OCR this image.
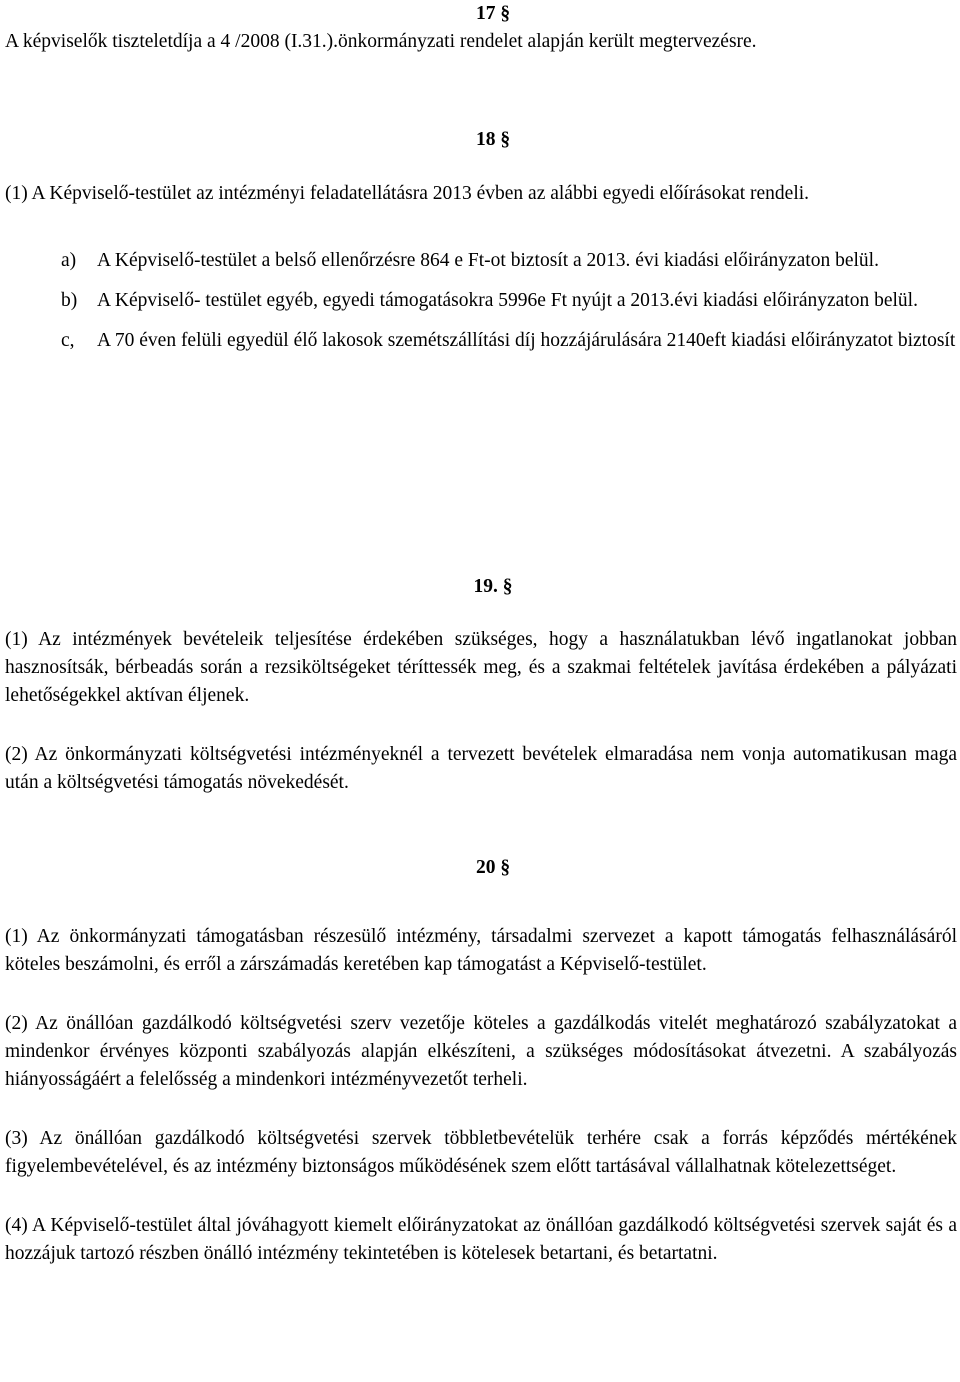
17 §

A képviselők tiszteletdíja a 4 /2008 (I.31.).önkormányzati rendelet alapján került megtervezésre.

18 §

(1) A Képviselő-testület az intézményi feladatellátásra 2013 évben az alábbi egyedi előírásokat rendeli.

a)	A Képviselő-testület a belső ellenőrzésre 864 e Ft-ot biztosít a 2013. évi kiadási előirányzaton belül.
b)	A Képviselő- testület egyéb, egyedi támogatásokra 5996e Ft nyújt a 2013.évi kiadási előirányzaton belül.
c,	A 70 éven felüli egyedül élő lakosok szemétszállítási díj hozzájárulására 2140eft kiadási előirányzatot biztosít
19. §

(1) Az intézmények bevételeik teljesítése érdekében szükséges, hogy a használatukban lévő ingatlanokat jobban hasznosítsák, bérbeadás során a rezsiköltségeket téríttessék meg, és a szakmai feltételek javítása érdekében a pályázati lehetőségekkel aktívan éljenek.

(2) Az önkormányzati költségvetési intézményeknél a tervezett bevételek elmaradása nem vonja automatikusan maga után a költségvetési támogatás növekedését.

20 §

(1) Az önkormányzati támogatásban részesülő intézmény, társadalmi szervezet a kapott támogatás felhasználásáról köteles beszámolni, és erről a zárszámadás keretében kap támogatást a Képviselő-testület.

(2) Az önállóan gazdálkodó költségvetési szerv vezetője köteles a gazdálkodás vitelét meghatározó szabályzatokat a mindenkor érvényes központi szabályozás alapján elkészíteni, a szükséges módosításokat átvezetni. A szabályozás hiányosságáért a felelősség a mindenkori intézményvezetőt terheli.

(3) Az önállóan gazdálkodó költségvetési szervek többletbevételük terhére csak a forrás képződés mértékének figyelembevételével, és az intézmény biztonságos működésének szem előtt tartásával vállalhatnak kötelezettséget.

(4) A Képviselő-testület által jóváhagyott kiemelt előirányzatokat az önállóan gazdálkodó költségvetési szervek saját és a hozzájuk tartozó részben önálló intézmény tekintetében is kötelesek betartani, és betartatni.
